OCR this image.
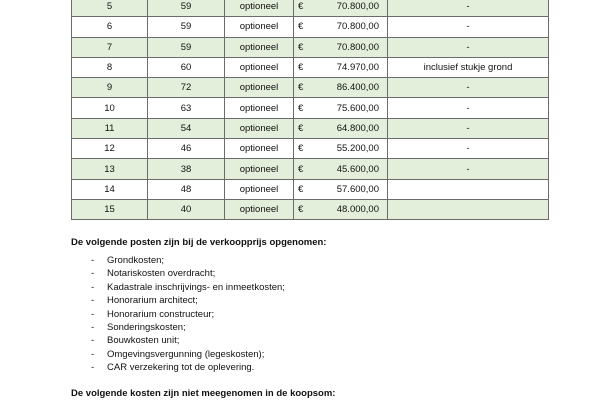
5	59	optioneel	€	70.800,00	-
6	59	optioneel	€	70.800,00	-
7	59	optioneel	€	70.800,00	-
8	60	optioneel	€	74.970,00	inclusief stukje grond
9	72	optioneel	€	86.400,00	-
10	63	optioneel	€	75.600,00	-
11	54	optioneel	€	64.800,00	-
12	46	optioneel	€	55.200,00	-
13	38	optioneel	€	45.600,00	-
14	48	optioneel	€	57.600,00	
15	40	optioneel	€	48.000,00	
De volgende posten zijn bij de verkoopprijs opgenomen:
- Grondkosten;
- Notariskosten overdracht;
- Kadastrale inschrijvings- en inmeetkosten;
- Honorarium architect;
- Honorarium constructeur;
- Sonderingskosten;
- Bouwkosten unit;
- Omgevingsvergunning (legeskosten);
- CAR verzekering tot de oplevering.
De volgende kosten zijn niet meegenomen in de koopsom:
